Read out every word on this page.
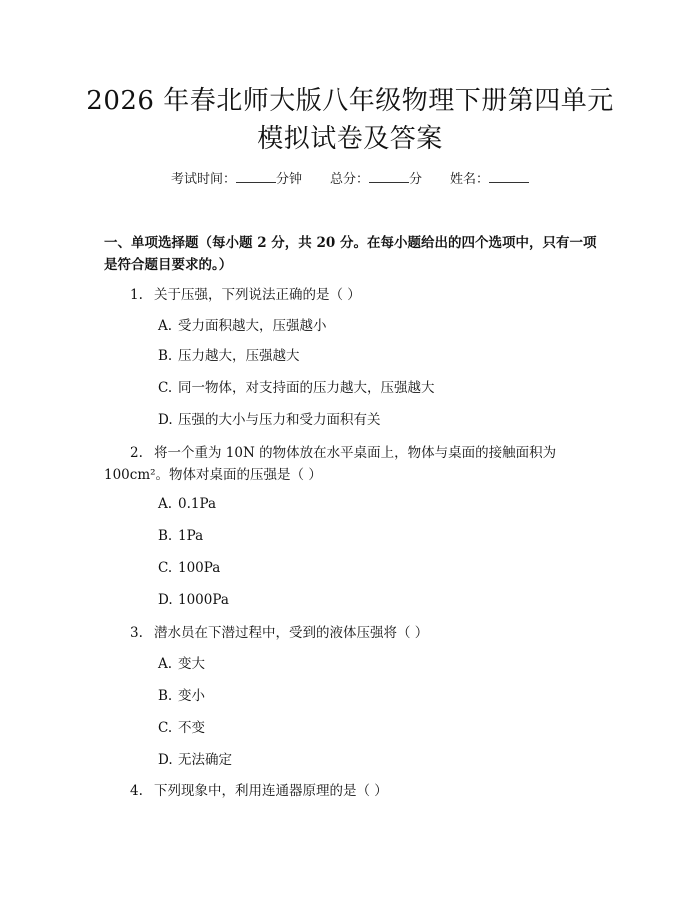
2026 年春北师大版八年级物理下册第四单元
模拟试卷及答案
考试时间：	分钟 总分：	分 姓名：
一、单项选择题（每小题 2 分，共 20 分。在每小题给出的四个选项中，只有一项是符合题目要求的。）
1. 关于压强，下列说法正确的是（ ）
A. 受力面积越大，压强越小
B. 压力越大，压强越大
C. 同一物体，对支持面的压力越大，压强越大
D. 压强的大小与压力和受力面积有关
2. 将一个重为 10N 的物体放在水平桌面上，物体与桌面的接触面积为
100cm²。物体对桌面的压强是（ ）
A. 0.1Pa
B. 1Pa
C. 100Pa
D. 1000Pa
3. 潜水员在下潜过程中，受到的液体压强将（ ）
A. 变大
B. 变小
C. 不变
D. 无法确定
4. 下列现象中，利用连通器原理的是（ ）
